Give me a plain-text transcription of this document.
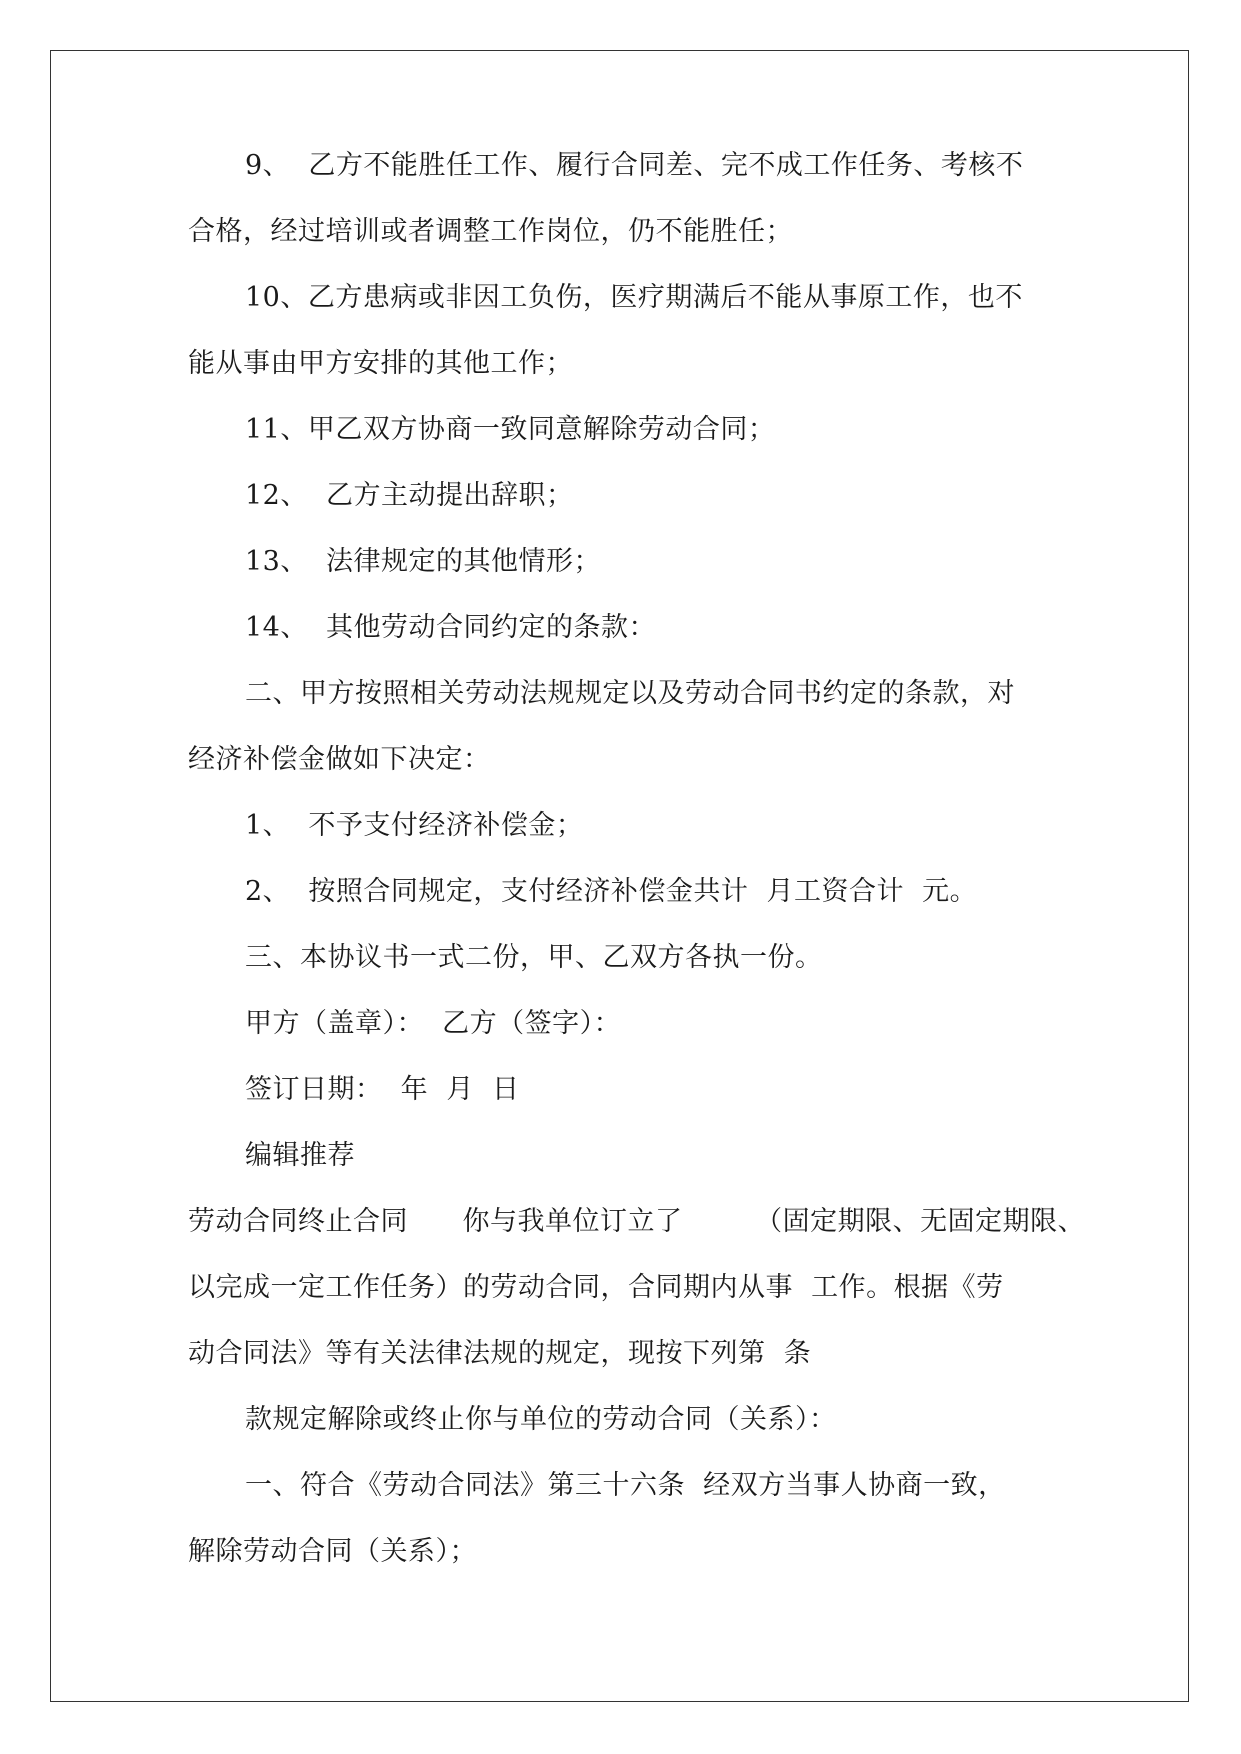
9、  乙方不能胜任工作、履行合同差、完不成工作任务、考核不
合格，经过培训或者调整工作岗位，仍不能胜任；
10、乙方患病或非因工负伤，医疗期满后不能从事原工作，也不
能从事由甲方安排的其他工作；
11、甲乙双方协商一致同意解除劳动合同；
12、  乙方主动提出辞职；
13、  法律规定的其他情形；
14、  其他劳动合同约定的条款：
二、甲方按照相关劳动法规规定以及劳动合同书约定的条款，对
经济补偿金做如下决定：
1、  不予支付经济补偿金；
2、  按照合同规定，支付经济补偿金共计  月工资合计  元。
三、本协议书一式二份，甲、乙双方各执一份。
甲方（盖章）：  乙方（签字）：
签订日期：  年  月  日
编辑推荐
劳动合同终止合同      你与我单位订立了        （固定期限、无固定期限、
以完成一定工作任务）的劳动合同，合同期内从事  工作。根据《劳
动合同法》等有关法律法规的规定，现按下列第  条
款规定解除或终止你与单位的劳动合同（关系）：
一、符合《劳动合同法》第三十六条  经双方当事人协商一致，
解除劳动合同（关系）；
